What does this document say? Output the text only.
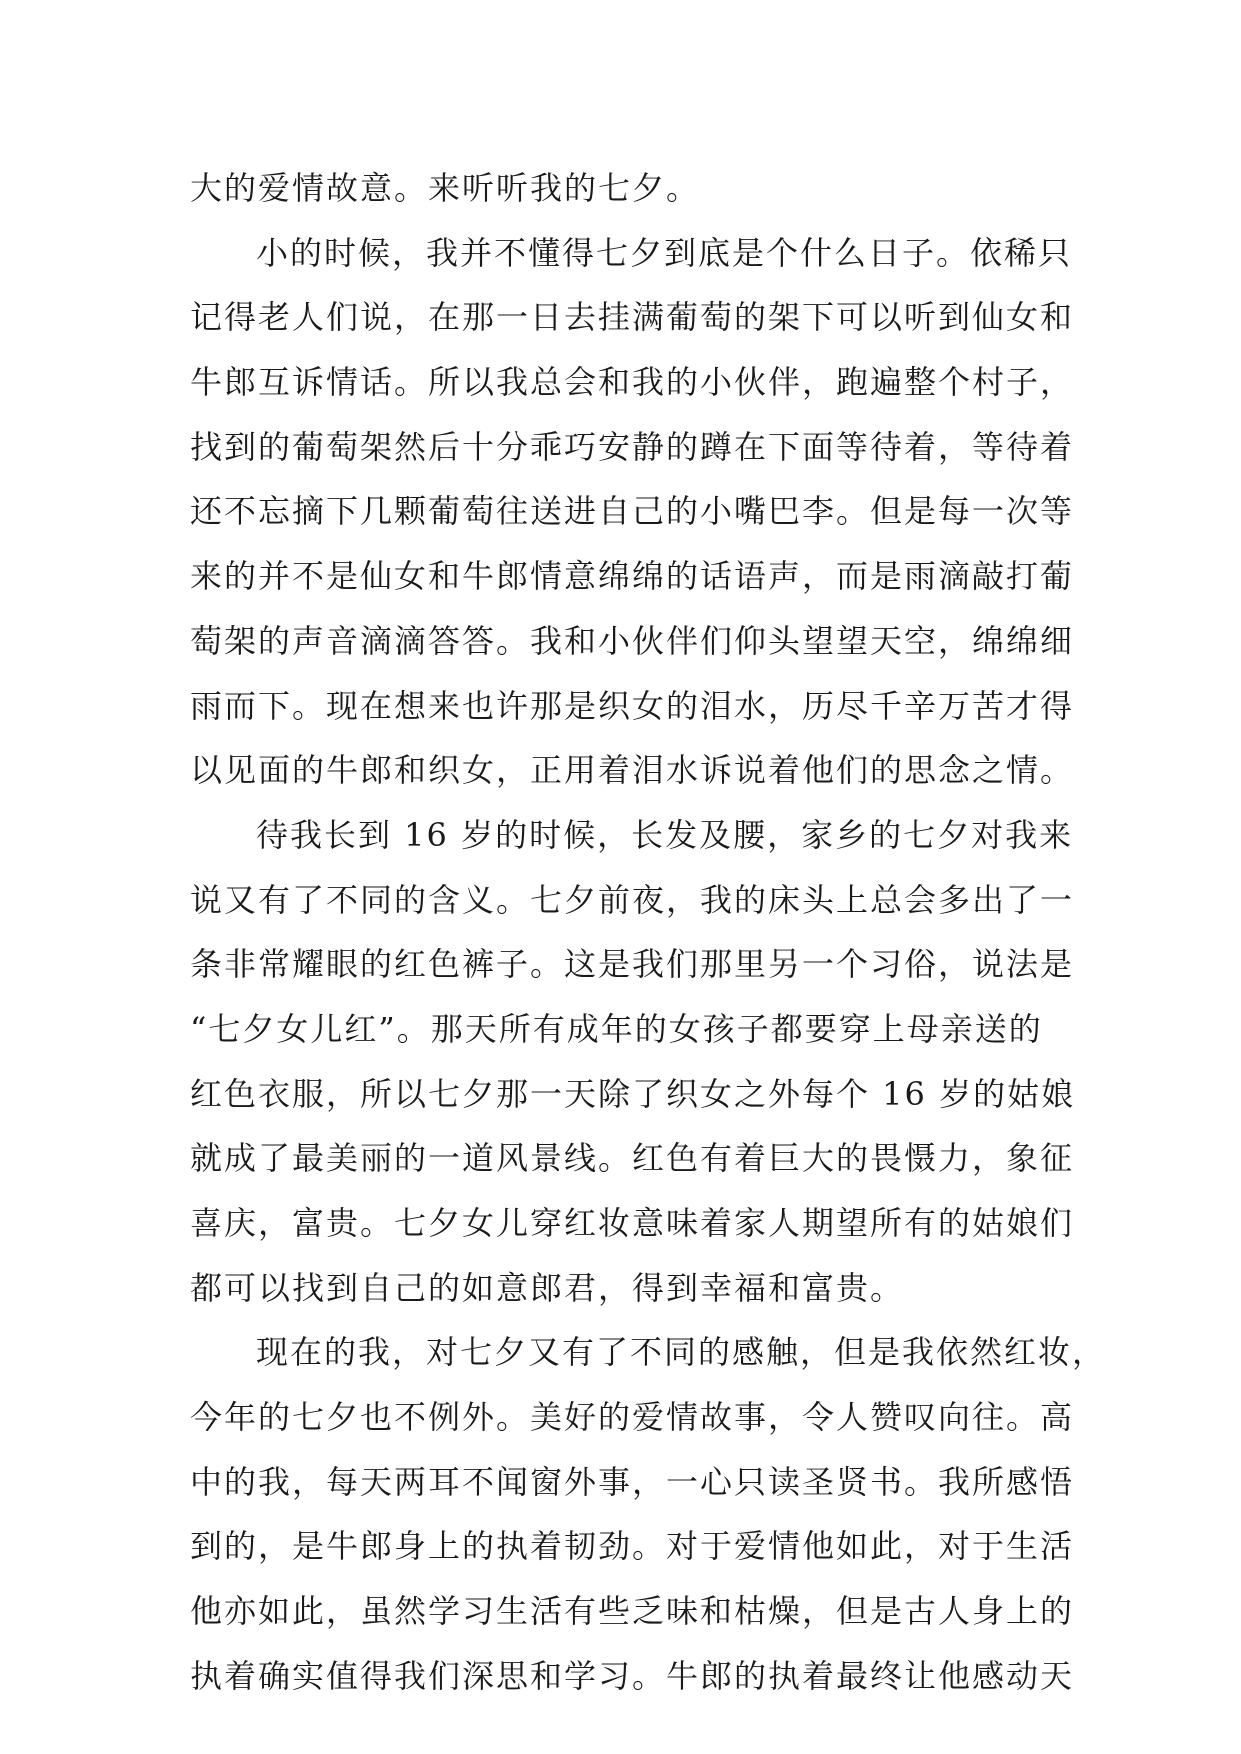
大的爱情故意。来听听我的七夕。
小的时候，我并不懂得七夕到底是个什么日子。依稀只
记得老人们说，在那一日去挂满葡萄的架下可以听到仙女和
牛郎互诉情话。所以我总会和我的小伙伴，跑遍整个村子，
找到的葡萄架然后十分乖巧安静的蹲在下面等待着，等待着
还不忘摘下几颗葡萄往送进自己的小嘴巴李。但是每一次等
来的并不是仙女和牛郎情意绵绵的话语声，而是雨滴敲打葡
萄架的声音滴滴答答。我和小伙伴们仰头望望天空，绵绵细
雨而下。现在想来也许那是织女的泪水，历尽千辛万苦才得
以见面的牛郎和织女，正用着泪水诉说着他们的思念之情。
待我长到 16 岁的时候，长发及腰，家乡的七夕对我来
说又有了不同的含义。七夕前夜，我的床头上总会多出了一
条非常耀眼的红色裤子。这是我们那里另一个习俗，说法是
“七夕女儿红”。那天所有成年的女孩子都要穿上母亲送的
红色衣服，所以七夕那一天除了织女之外每个 16 岁的姑娘
就成了最美丽的一道风景线。红色有着巨大的畏慑力，象征
喜庆，富贵。七夕女儿穿红妆意味着家人期望所有的姑娘们
都可以找到自己的如意郎君，得到幸福和富贵。
现在的我，对七夕又有了不同的感触，但是我依然红妆，
今年的七夕也不例外。美好的爱情故事，令人赞叹向往。高
中的我，每天两耳不闻窗外事，一心只读圣贤书。我所感悟
到的，是牛郎身上的执着韧劲。对于爱情他如此，对于生活
他亦如此，虽然学习生活有些乏味和枯燥，但是古人身上的
执着确实值得我们深思和学习。牛郎的执着最终让他感动天
